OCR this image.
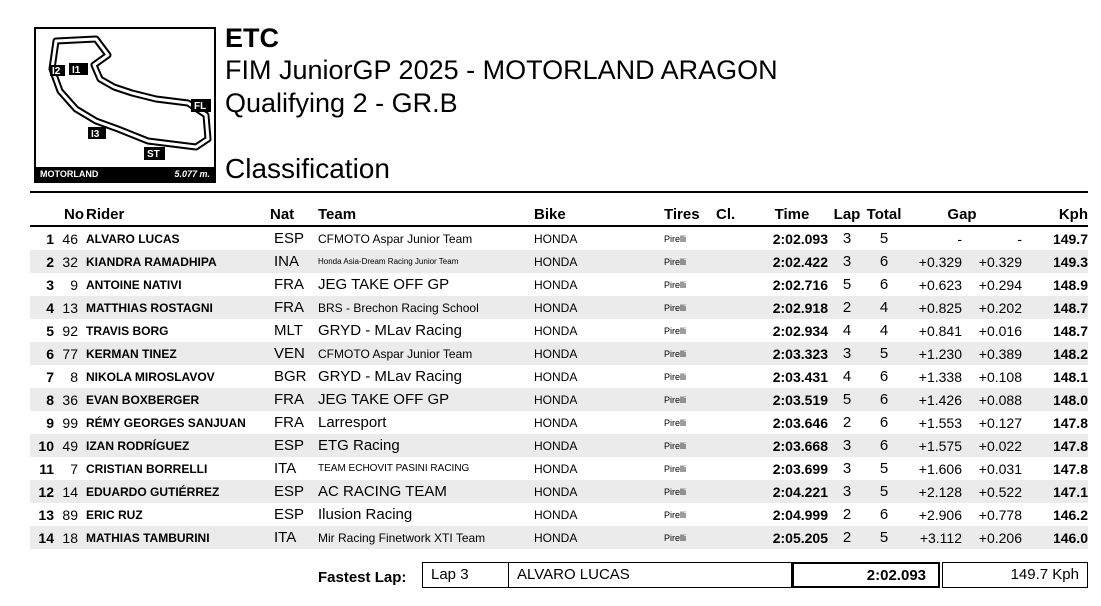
I2 I1
FL
I3
ST
MOTORLAND	5.077 m.
ETC
FIM JuniorGP 2025 - MOTORLAND ARAGON
Qualifying 2 - GR.B
Classification
	No	Rider	Nat	Team	Bike	Tires	Cl.	Time	Lap	Total	Gap		Kph

1	46	ALVARO LUCAS	ESP	CFMOTO Aspar Junior Team	HONDA	Pirelli		2:02.093	3	5	-	-	149.7
2	32	KIANDRA RAMADHIPA	INA	Honda Asia-Dream Racing Junior Team	HONDA	Pirelli		2:02.422	3	6	+0.329	+0.329	149.3
3	9	ANTOINE NATIVI	FRA	JEG TAKE OFF GP	HONDA	Pirelli		2:02.716	5	6	+0.623	+0.294	148.9
4	13	MATTHIAS ROSTAGNI	FRA	BRS - Brechon Racing School	HONDA	Pirelli		2:02.918	2	4	+0.825	+0.202	148.7
5	92	TRAVIS BORG	MLT	GRYD - MLav Racing	HONDA	Pirelli		2:02.934	4	4	+0.841	+0.016	148.7
6	77	KERMAN TINEZ	VEN	CFMOTO Aspar Junior Team	HONDA	Pirelli		2:03.323	3	5	+1.230	+0.389	148.2
7	8	NIKOLA MIROSLAVOV	BGR	GRYD - MLav Racing	HONDA	Pirelli		2:03.431	4	6	+1.338	+0.108	148.1
8	36	EVAN BOXBERGER	FRA	JEG TAKE OFF GP	HONDA	Pirelli		2:03.519	5	6	+1.426	+0.088	148.0
9	99	RÉMY GEORGES SANJUAN	FRA	Larresport	HONDA	Pirelli		2:03.646	2	6	+1.553	+0.127	147.8
10	49	IZAN RODRÍGUEZ	ESP	ETG Racing	HONDA	Pirelli		2:03.668	3	6	+1.575	+0.022	147.8
11	7	CRISTIAN BORRELLI	ITA	TEAM ECHOVIT PASINI RACING	HONDA	Pirelli		2:03.699	3	5	+1.606	+0.031	147.8
12	14	EDUARDO GUTIÉRREZ	ESP	AC RACING TEAM	HONDA	Pirelli		2:04.221	3	5	+2.128	+0.522	147.1
13	89	ERIC RUZ	ESP	Ilusion Racing	HONDA	Pirelli		2:04.999	2	6	+2.906	+0.778	146.2
14	18	MATHIAS TAMBURINI	ITA	Mir Racing Finetwork XTI Team	HONDA	Pirelli		2:05.205	2	5	+3.112	+0.206	146.0
Fastest Lap:	Lap 3	ALVARO LUCAS	2:02.093	149.7 Kph
